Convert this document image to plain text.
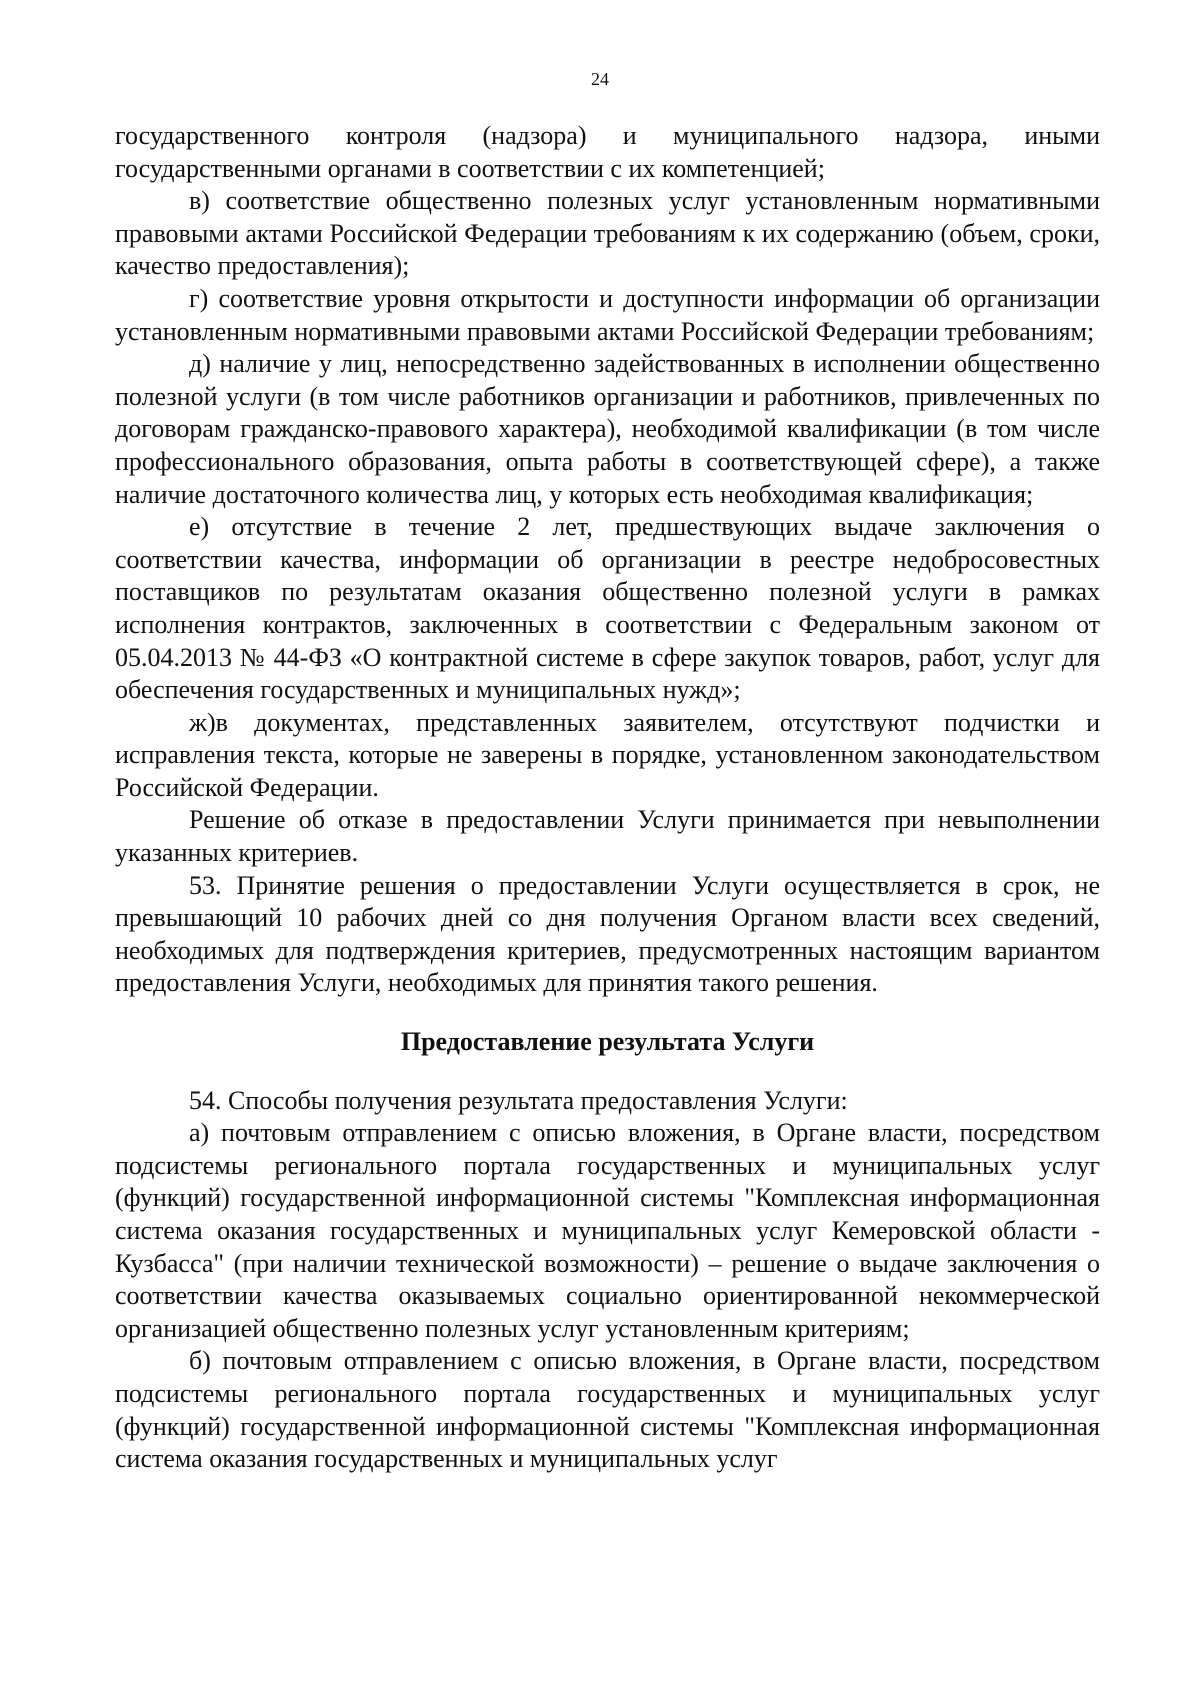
24

государственного контроля (надзора) и муниципального надзора, иными государственными органами в соответствии с их компетенцией;

в) соответствие общественно полезных услуг установленным нормативными правовыми актами Российской Федерации требованиям к их содержанию (объем, сроки, качество предоставления);

г) соответствие уровня открытости и доступности информации об организации установленным нормативными правовыми актами Российской Федерации требованиям;

д) наличие у лиц, непосредственно задействованных в исполнении общественно полезной услуги (в том числе работников организации и работников, привлеченных по договорам гражданско-правового характера), необходимой квалификации (в том числе профессионального образования, опыта работы в соответствующей сфере), а также наличие достаточного количества лиц, у которых есть необходимая квалификация;

е) отсутствие в течение 2 лет, предшествующих выдаче заключения о соответствии качества, информации об организации в реестре недобросовестных поставщиков по результатам оказания общественно полезной услуги в рамках исполнения контрактов, заключенных в соответствии с Федеральным законом от 05.04.2013 № 44-ФЗ «О контрактной системе в сфере закупок товаров, работ, услуг для обеспечения государственных и муниципальных нужд»;

ж)в документах, представленных заявителем, отсутствуют подчистки и исправления текста, которые не заверены в порядке, установленном законодательством Российской Федерации.

Решение об отказе в предоставлении Услуги принимается при невыполнении указанных критериев.

53. Принятие решения о предоставлении Услуги осуществляется в срок, не превышающий 10 рабочих дней со дня получения Органом власти всех сведений, необходимых для подтверждения критериев, предусмотренных настоящим вариантом предоставления Услуги, необходимых для принятия такого решения.

Предоставление результата Услуги

54. Способы получения результата предоставления Услуги:

а) почтовым отправлением с описью вложения, в Органе власти, посредством подсистемы регионального портала государственных и муниципальных услуг (функций) государственной информационной системы "Комплексная информационная система оказания государственных и муниципальных услуг Кемеровской области - Кузбасса" (при наличии технической возможности) – решение о выдаче заключения о соответствии качества оказываемых социально ориентированной некоммерческой организацией общественно полезных услуг установленным критериям;

б) почтовым отправлением с описью вложения, в Органе власти, посредством подсистемы регионального портала государственных и муниципальных услуг (функций) государственной информационной системы "Комплексная информационная система оказания государственных и муниципальных услуг
